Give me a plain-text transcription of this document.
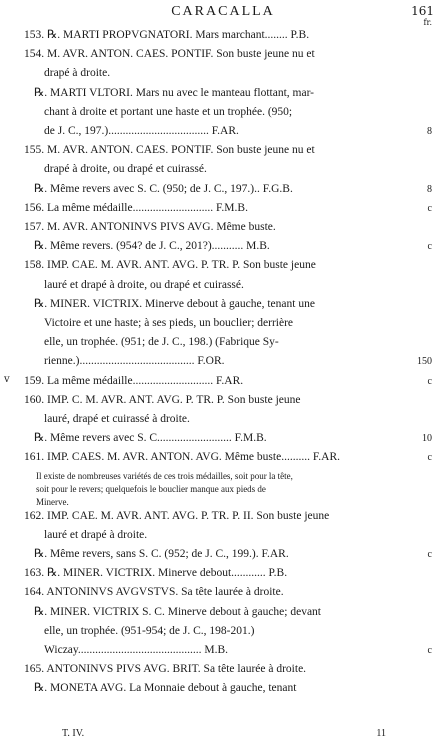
CARACALLA	161
fr.
153. ℞. MARTI PROPVGNATORI. Mars marchant........ P.B.
154. M. AVR. ANTON. CAES. PONTIF. Son buste jeune nu et
drapé à droite.
℞. MARTI VLTORI. Mars nu avec le manteau flottant, mar-
chant à droite et portant une haste et un trophée. (950;
de J. C., 197.)................................... F.AR.	8
155. M. AVR. ANTON. CAES. PONTIF. Son buste jeune nu et
drapé à droite, ou drapé et cuirassé.
℞. Même revers avec S. C. (950; de J. C., 197.).. F.G.B.	8
156. La même médaille............................ F.M.B.	c
157. M. AVR. ANTONINVS PIVS AVG. Même buste.
℞. Même revers. (954? de J. C., 201?)........... M.B.	c
158. IMP. CAE. M. AVR. ANT. AVG. P. TR. P. Son buste jeune
lauré et drapé à droite, ou drapé et cuirassé.
℞. MINER. VICTRIX. Minerve debout à gauche, tenant une
Victoire et une haste; à ses pieds, un bouclier; derrière
elle, un trophée. (951; de J. C., 198.) (Fabrique Sy-
rienne.)........................................ F.OR.	150
159. La même médaille............................ F.AR.	c
160. IMP. C. M. AVR. ANT. AVG. P. TR. P. Son buste jeune
lauré, drapé et cuirassé à droite.
℞. Même revers avec S. C.......................... F.M.B.	10
161. IMP. CAES. M. AVR. ANTON. AVG. Même buste.......... F.AR.	c
Il existe de nombreuses variétés de ces trois médailles, soit pour la tête,
soit pour le revers; quelquefois le bouclier manque aux pieds de
Minerve.
162. IMP. CAE. M. AVR. ANT. AVG. P. TR. P. II. Son buste jeune
lauré et drapé à droite.
℞. Même revers, sans S. C. (952; de J. C., 199.). F.AR.	c
163. ℞. MINER. VICTRIX. Minerve debout............ P.B.
164. ANTONINVS AVGVSTVS. Sa tête laurée à droite.
℞. MINER. VICTRIX S. C. Minerve debout à gauche; devant
elle, un trophée. (951-954; de J. C., 198-201.)
Wiczay........................................... M.B.	c
165. ANTONINVS PIVS AVG. BRIT. Sa tête laurée à droite.
℞. MONETA AVG. La Monnaie debout à gauche, tenant
v
T. IV.	11
